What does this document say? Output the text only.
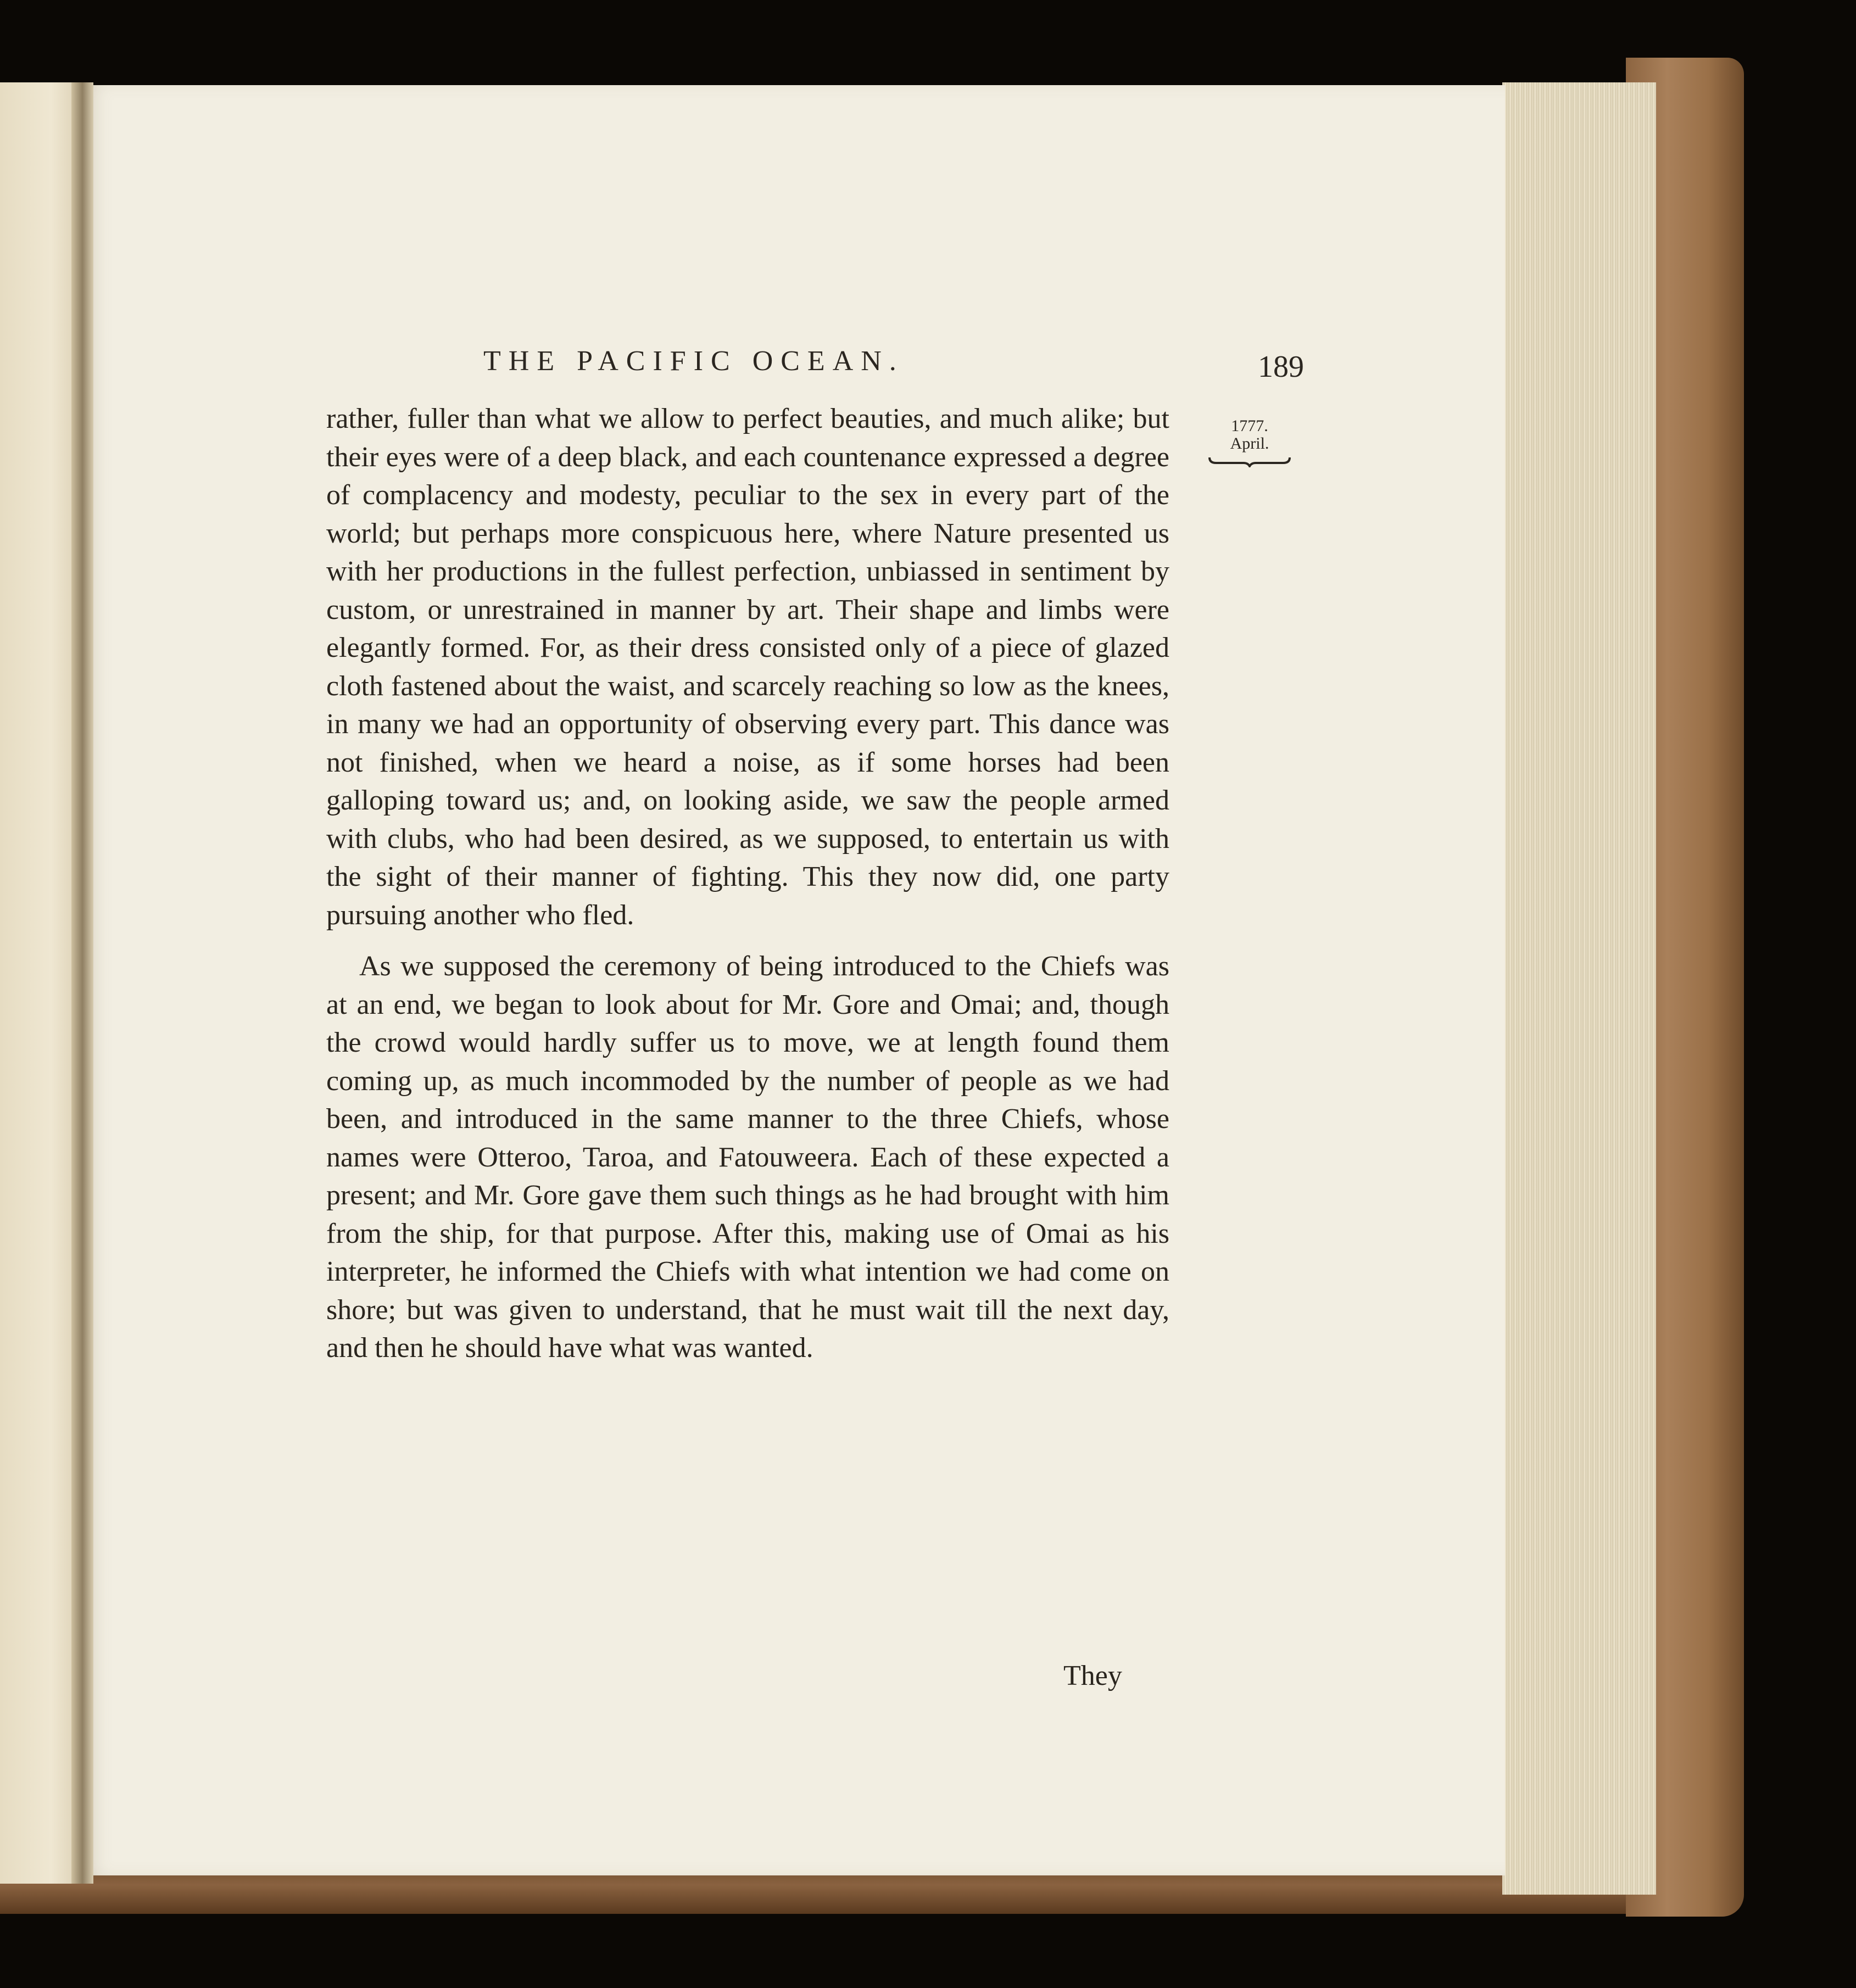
THE PACIFIC OCEAN.	189
1777.
April.

rather, fuller than what we allow to perfect beauties, and much alike; but their eyes were of a deep black, and each countenance expressed a degree of complacency and modesty, peculiar to the sex in every part of the world; but perhaps more conspicuous here, where Nature presented us with her productions in the fullest perfection, unbiassed in sentiment by custom, or unrestrained in manner by art. Their shape and limbs were elegantly formed. For, as their dress consisted only of a piece of glazed cloth fastened about the waist, and scarcely reaching so low as the knees, in many we had an opportunity of observing every part. This dance was not finished, when we heard a noise, as if some horses had been galloping toward us; and, on looking aside, we saw the people armed with clubs, who had been desired, as we supposed, to entertain us with the sight of their manner of fighting. This they now did, one party pursuing another who fled.

As we supposed the ceremony of being introduced to the Chiefs was at an end, we began to look about for Mr. Gore and Omai; and, though the crowd would hardly suffer us to move, we at length found them coming up, as much incommoded by the number of people as we had been, and introduced in the same manner to the three Chiefs, whose names were Otteroo, Taroa, and Fatouweera. Each of these expected a present; and Mr. Gore gave them such things as he had brought with him from the ship, for that purpose. After this, making use of Omai as his interpreter, he informed the Chiefs with what intention we had come on shore; but was given to understand, that he must wait till the next day, and then he should have what was wanted.

They
